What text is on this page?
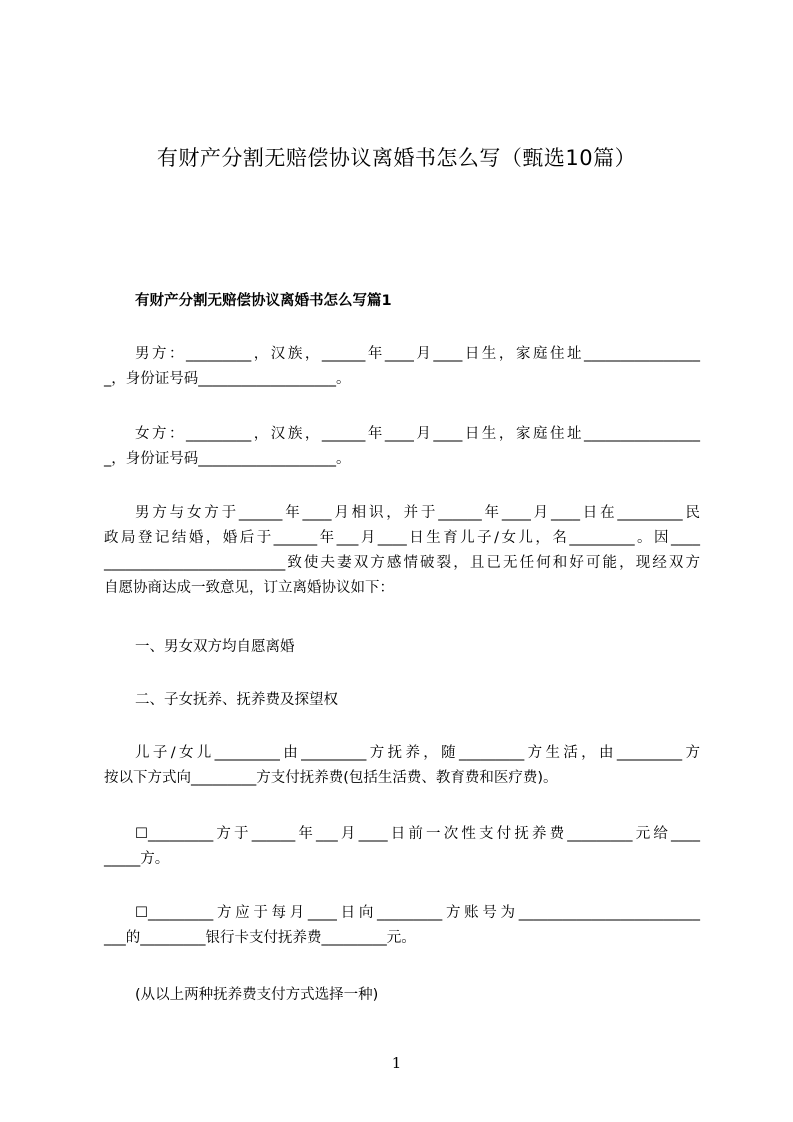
有财产分割无赔偿协议离婚书怎么写（甄选10篇）
有财产分割无赔偿协议离婚书怎么写篇1
男方：_________，汉族，______年____月____日生，家庭住址________________
_，身份证号码___________________。
女方：_________，汉族，______年____月____日生，家庭住址________________
_，身份证号码___________________。
男方与女方于______年____月相识，并于______年____月____日在_________民
政局登记结婚，婚后于______年___月____日生育儿子/女儿，名_________。因____
_________________________致使夫妻双方感情破裂，且已无任何和好可能，现经双方
自愿协商达成一致意见，订立离婚协议如下：
一、男女双方均自愿离婚
二、子女抚养、抚养费及探望权
儿子/女儿_________由_________方抚养，随_________方生活，由_________方
按以下方式向_________方支付抚养费(包括生活费、教育费和医疗费)。
☐_________方于______年___月____日前一次性支付抚养费_________元给____
_____方。
☐_________方应于每月____日向_________方账号为_________________________
___的_________银行卡支付抚养费_________元。
(从以上两种抚养费支付方式选择一种)
1
